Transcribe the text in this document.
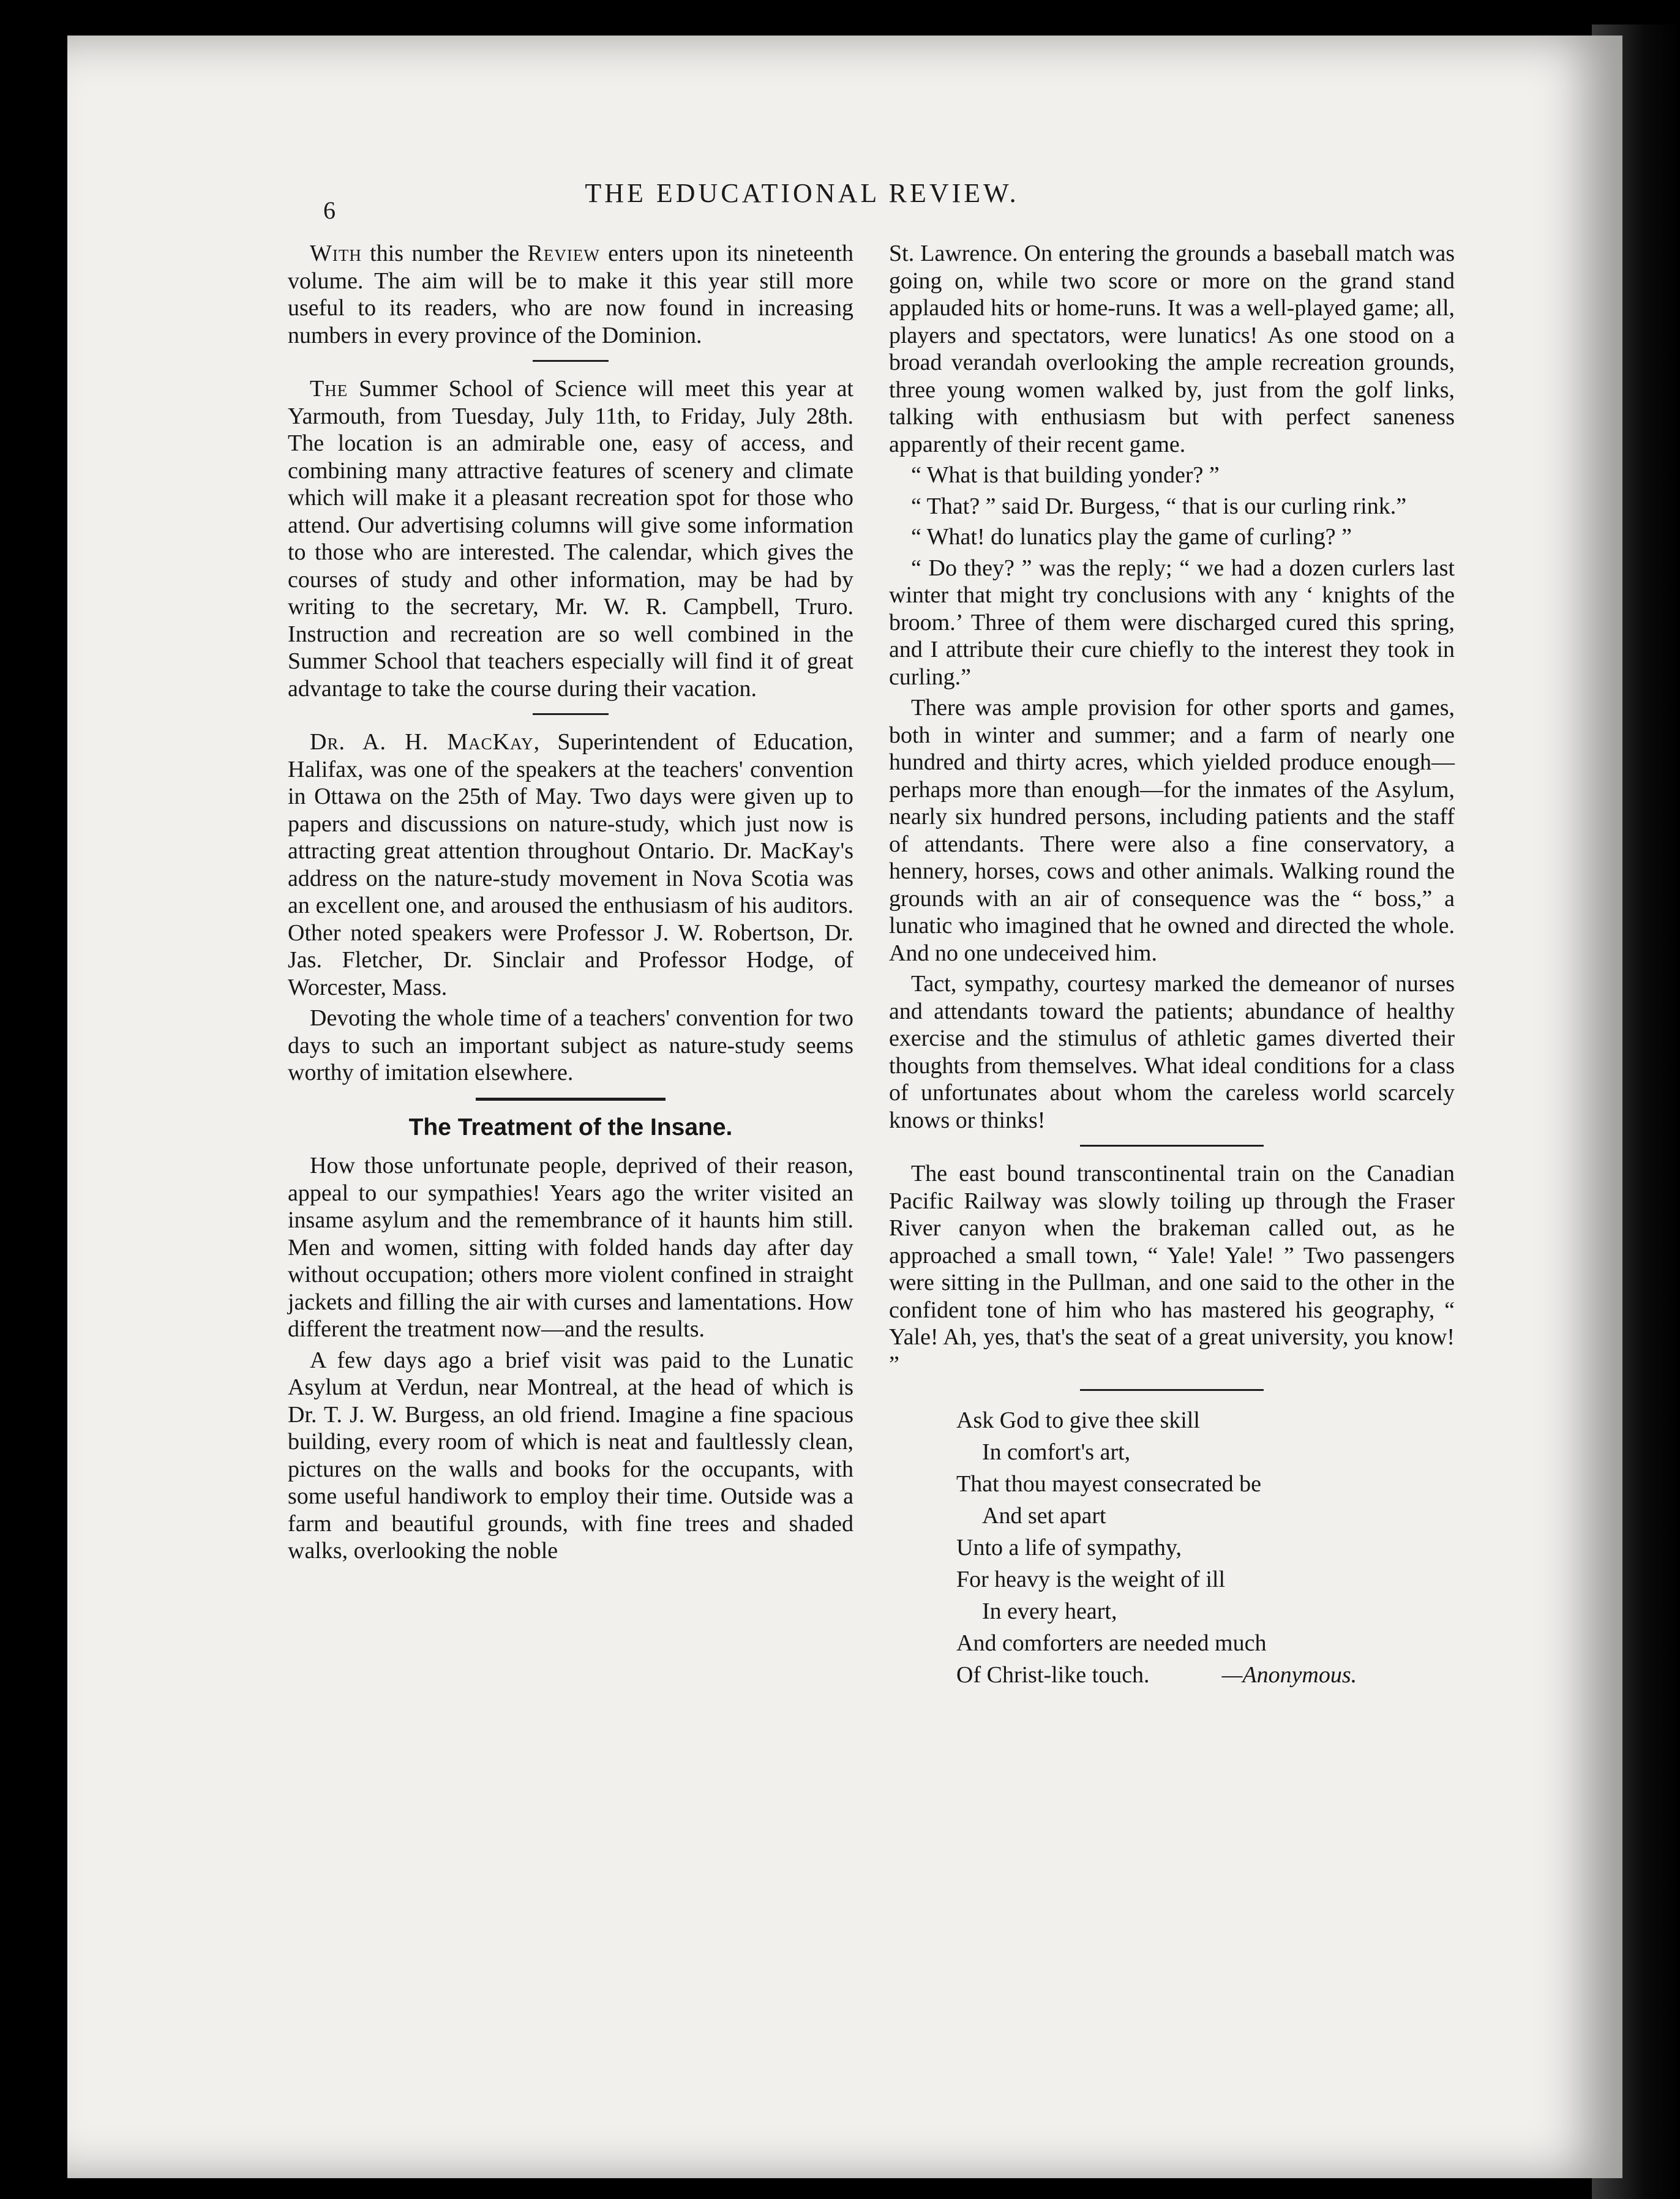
6
THE EDUCATIONAL REVIEW.

With this number the Review enters upon its nineteenth volume. The aim will be to make it this year still more useful to its readers, who are now found in increasing numbers in every province of the Dominion.

The Summer School of Science will meet this year at Yarmouth, from Tuesday, July 11th, to Friday, July 28th. The location is an admirable one, easy of access, and combining many attractive features of scenery and climate which will make it a pleasant recreation spot for those who attend. Our advertising columns will give some information to those who are interested. The calendar, which gives the courses of study and other information, may be had by writing to the secretary, Mr. W. R. Campbell, Truro. Instruction and recreation are so well combined in the Summer School that teachers especially will find it of great advantage to take the course during their vacation.

Dr. A. H. MacKay, Superintendent of Education, Halifax, was one of the speakers at the teachers' convention in Ottawa on the 25th of May. Two days were given up to papers and discussions on nature-study, which just now is attracting great attention throughout Ontario. Dr. MacKay's address on the nature-study movement in Nova Scotia was an excellent one, and aroused the enthusiasm of his auditors. Other noted speakers were Professor J. W. Robertson, Dr. Jas. Fletcher, Dr. Sinclair and Professor Hodge, of Worcester, Mass.

Devoting the whole time of a teachers' convention for two days to such an important subject as nature-study seems worthy of imitation elsewhere.

The Treatment of the Insane.

How those unfortunate people, deprived of their reason, appeal to our sympathies! Years ago the writer visited an insame asylum and the remembrance of it haunts him still. Men and women, sitting with folded hands day after day without occupation; others more violent confined in straight jackets and filling the air with curses and lamentations. How different the treatment now—and the results.

A few days ago a brief visit was paid to the Lunatic Asylum at Verdun, near Montreal, at the head of which is Dr. T. J. W. Burgess, an old friend. Imagine a fine spacious building, every room of which is neat and faultlessly clean, pictures on the walls and books for the occupants, with some useful handiwork to employ their time. Outside was a farm and beautiful grounds, with fine trees and shaded walks, overlooking the noble

St. Lawrence. On entering the grounds a baseball match was going on, while two score or more on the grand stand applauded hits or home-runs. It was a well-played game; all, players and spectators, were lunatics! As one stood on a broad verandah overlooking the ample recreation grounds, three young women walked by, just from the golf links, talking with enthusiasm but with perfect saneness apparently of their recent game.

“ What is that building yonder? ”

“ That? ” said Dr. Burgess, “ that is our curling rink.”

“ What! do lunatics play the game of curling? ”

“ Do they? ” was the reply; “ we had a dozen curlers last winter that might try conclusions with any ‘ knights of the broom.’ Three of them were discharged cured this spring, and I attribute their cure chiefly to the interest they took in curling.”

There was ample provision for other sports and games, both in winter and summer; and a farm of nearly one hundred and thirty acres, which yielded produce enough—perhaps more than enough—for the inmates of the Asylum, nearly six hundred persons, including patients and the staff of attendants. There were also a fine conservatory, a hennery, horses, cows and other animals. Walking round the grounds with an air of consequence was the “ boss,” a lunatic who imagined that he owned and directed the whole. And no one undeceived him.

Tact, sympathy, courtesy marked the demeanor of nurses and attendants toward the patients; abundance of healthy exercise and the stimulus of athletic games diverted their thoughts from themselves. What ideal conditions for a class of unfortunates about whom the careless world scarcely knows or thinks!

The east bound transcontinental train on the Canadian Pacific Railway was slowly toiling up through the Fraser River canyon when the brakeman called out, as he approached a small town, “ Yale! Yale! ” Two passengers were sitting in the Pullman, and one said to the other in the confident tone of him who has mastered his geography, “ Yale! Ah, yes, that's the seat of a great university, you know! ”

Ask God to give thee skill
In comfort's art,
That thou mayest consecrated be
And set apart
Unto a life of sympathy,
For heavy is the weight of ill
In every heart,
And comforters are needed much
Of Christ-like touch.	—Anonymous.
